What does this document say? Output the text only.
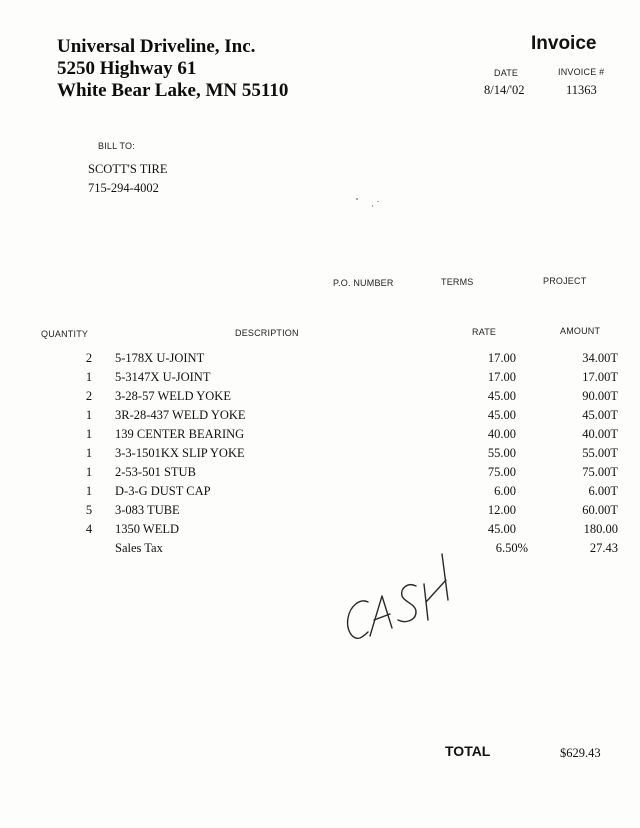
Universal Driveline, Inc.
5250 Highway 61
White Bear Lake, MN 55110
Invoice
DATE	INVOICE #
8/14/'02	11363
BILL TO:
SCOTT'S TIRE
715-294-4002
P.O. NUMBER	TERMS	PROJECT
QUANTITY	DESCRIPTION	RATE	AMOUNT
2 5-178X U-JOINT	17.00	34.00T
1 5-3147X U-JOINT	17.00	17.00T
2 3-28-57 WELD YOKE	45.00	90.00T
1 3R-28-437 WELD YOKE	45.00	45.00T
1 139 CENTER BEARING	40.00	40.00T
1 3-3-1501KX SLIP YOKE	55.00	55.00T
1 2-53-501 STUB	75.00	75.00T
1 D-3-G DUST CAP	6.00	6.00T
5 3-083 TUBE	12.00	60.00T
4 1350 WELD	45.00	180.00
Sales Tax	6.50%	27.43
TOTAL	$629.43
